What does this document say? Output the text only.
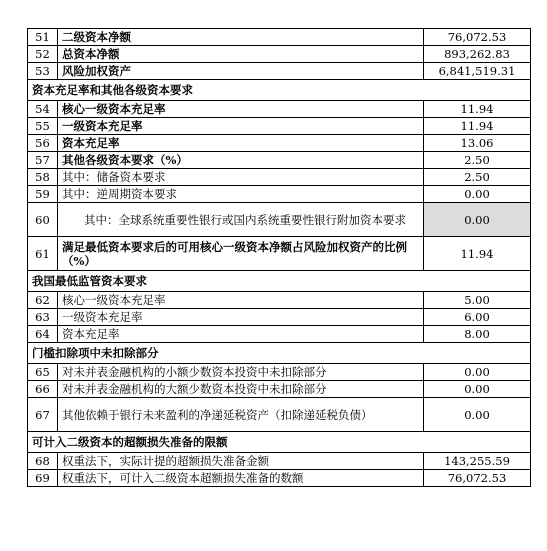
51	二级资本净额	76,072.53
52	总资本净额	893,262.83
53	风险加权资产	6,841,519.31
资本充足率和其他各级资本要求		
54	核心一级资本充足率	11.94
55	一级资本充足率	11.94
56	资本充足率	13.06
57	其他各级资本要求（%）	2.50
58	其中：储备资本要求	2.50
59	其中：逆周期资本要求	0.00
60	其中：全球系统重要性银行或国内系统重要性银行附加资本要求	0.00
61	满足最低资本要求后的可用核心一级资本净额占风险加权资产的比例（%）	11.94
我国最低监管资本要求		
62	核心一级资本充足率	5.00
63	一级资本充足率	6.00
64	资本充足率	8.00
门槛扣除项中未扣除部分		
65	对未并表金融机构的小额少数资本投资中未扣除部分	0.00
66	对未并表金融机构的大额少数资本投资中未扣除部分	0.00
67	其他依赖于银行未来盈利的净递延税资产（扣除递延税负债）	0.00
可计入二级资本的超额损失准备的限额		
68	权重法下，实际计提的超额损失准备金额	143,255.59
69	权重法下，可计入二级资本超额损失准备的数额	76,072.53
